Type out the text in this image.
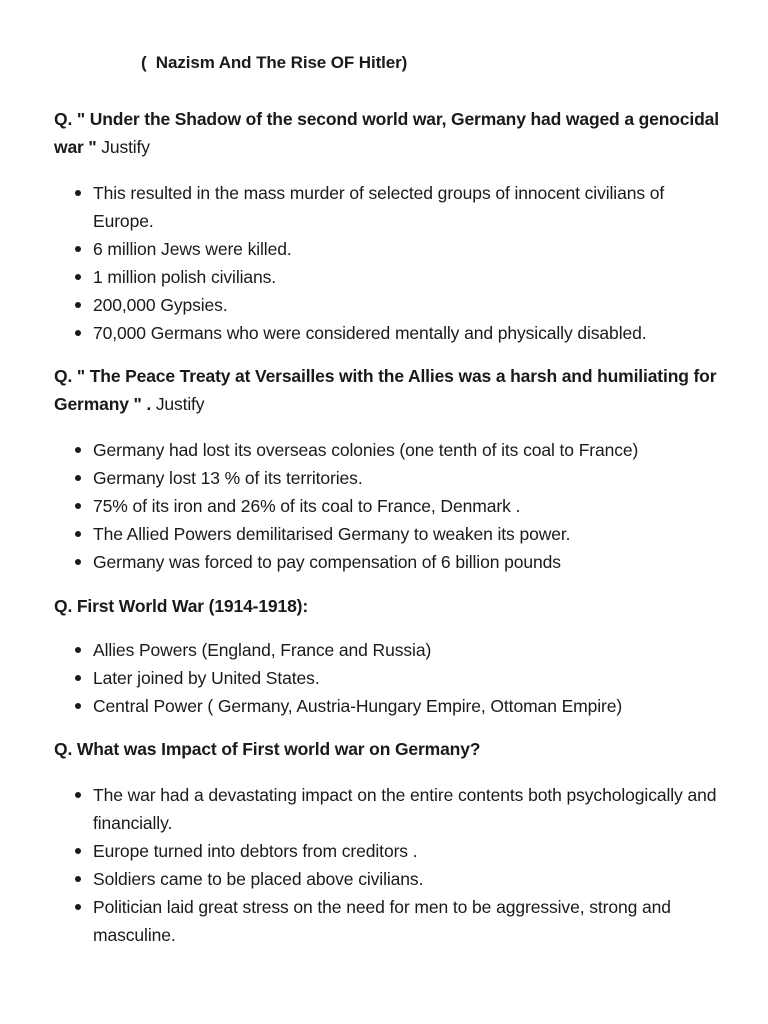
(  Nazism And The Rise OF Hitler)

Q. " Under the Shadow of the second world war, Germany had waged a genocidal war " Justify

This resulted in the mass murder of selected groups of innocent civilians of Europe.
6 million Jews were killed.
1 million polish civilians.
200,000 Gypsies.
70,000 Germans who were considered mentally and physically disabled.

Q. " The Peace Treaty at Versailles with the Allies was a harsh and humiliating for Germany " . Justify

Germany had lost its overseas colonies (one tenth of its coal to France)
Germany lost 13 % of its territories.
75% of its iron and 26% of its coal to France, Denmark .
The Allied Powers demilitarised Germany to weaken its power.
Germany was forced to pay compensation of 6 billion pounds

Q. First World War (1914-1918):

Allies Powers (England, France and Russia)
Later joined by United States.
Central Power ( Germany, Austria-Hungary Empire, Ottoman Empire)

Q. What was Impact of First world war on Germany?

The war had a devastating impact on the entire contents both psychologically and financially.
Europe turned into debtors from creditors .
Soldiers came to be placed above civilians.
Politician laid great stress on the need for men to be aggressive, strong and masculine.
